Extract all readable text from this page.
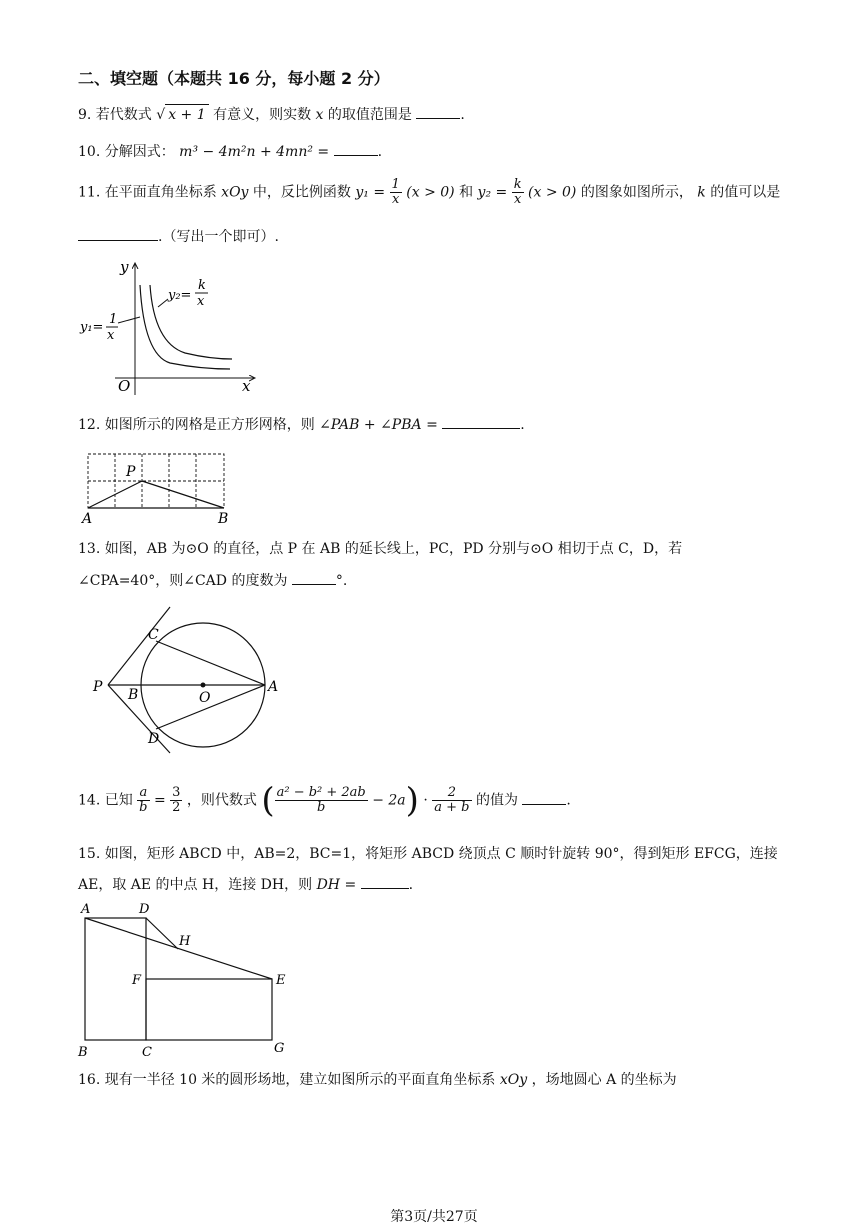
二、填空题（本题共 16 分，每小题 2 分）
9. 若代数式 √ x + 1 有意义，则实数 x 的取值范围是	.
10. 分解因式： m³ − 4m²n + 4mn² =	.
11. 在平面直角坐标系 xOy 中，反比例函数 $y_1 = \frac{1}{x} (x > 0)$ 和 $y_2 = \frac{k}{x} (x > 0)$ 的图象如图所示， k 的值可以是
.（写出一个即可）.
y
x
O
y₂=
k
x
y₁=
1
x
12. 如图所示的网格是正方形网格，则 ∠PAB + ∠PBA =	.
P
A	B
13. 如图，AB 为⊙O 的直径，点 P 在 AB 的延长线上，PC，PD 分别与⊙O 相切于点 C，D，若
∠CPA=40°，则∠CAD 的度数为	°.
C
P B	O
A
D
14. 已知 $\frac{a}{b} = \frac{3}{2}$ ，则代数式 ( $\frac{\text{a² − b² + 2ab}}{b} - 2a) \cdot \frac{2}{a + b}$ 的值为	.
15. 如图，矩形 ABCD 中，AB=2，BC=1，将矩形 ABCD 绕顶点 C 顺时针旋转 90°，得到矩形 EFCG，连接
AE，取 AE 的中点 H，连接 DH，则 DH =	.
A	D
H
F	E
B	C	G
16. 现有一半径 10 米的圆形场地，建立如图所示的平面直角坐标系 xOy ，场地圆心 A 的坐标为
第3页/共27页
